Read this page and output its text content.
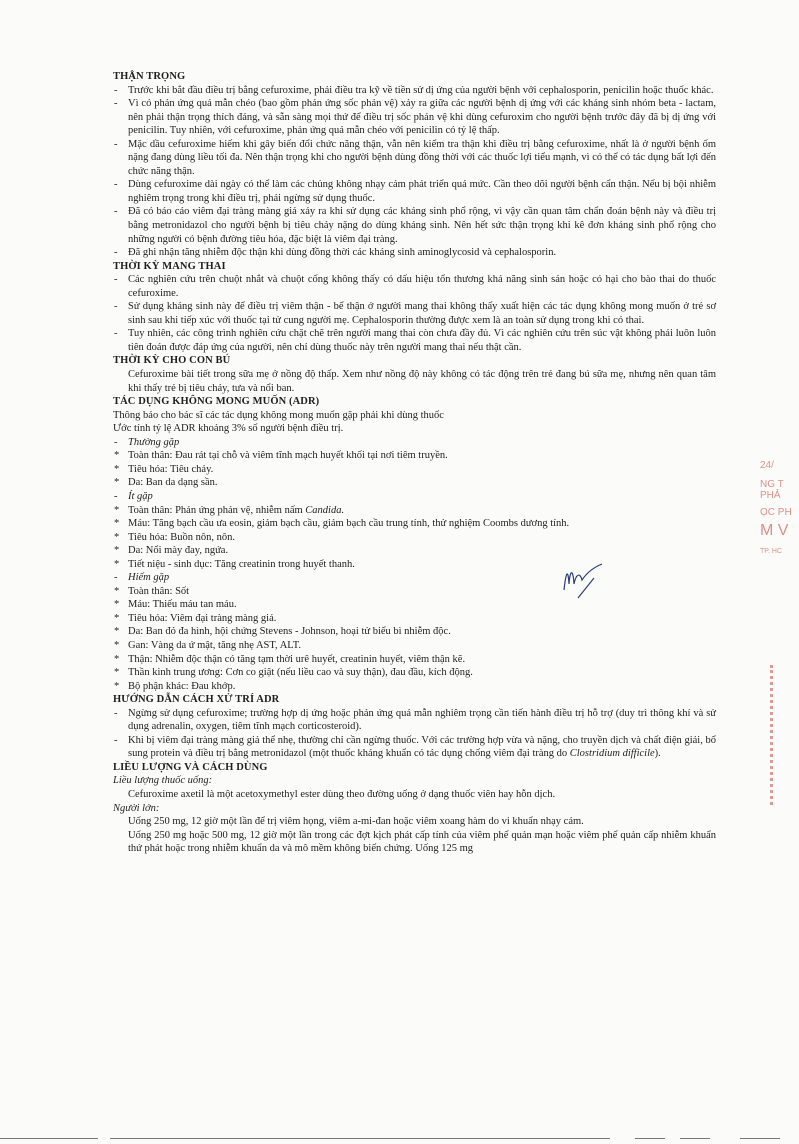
THẬN TRỌNG
- Trước khi bắt đầu điều trị bằng cefuroxime, phải điều tra kỹ về tiền sử dị ứng của người bệnh với cephalosporin, penicilin hoặc thuốc khác.
- Vì có phản ứng quá mẫn chéo (bao gồm phản ứng sốc phản vệ) xảy ra giữa các người bệnh dị ứng với các kháng sinh nhóm beta - lactam, nên phải thận trọng thích đáng, và sẵn sàng mọi thứ để điều trị sốc phản vệ khi dùng cefuroxim cho người bệnh trước đây đã bị dị ứng với penicilin. Tuy nhiên, với cefuroxime, phản ứng quá mẫn chéo với penicilin có tỷ lệ thấp.
- Mặc dầu cefuroxime hiếm khi gây biến đổi chức năng thận, vẫn nên kiểm tra thận khi điều trị bằng cefuroxime, nhất là ở người bệnh ốm nặng đang dùng liều tối đa. Nên thận trọng khi cho người bệnh dùng đồng thời với các thuốc lợi tiểu mạnh, vì có thể có tác dụng bất lợi đến chức năng thận.
- Dùng cefuroxime dài ngày có thể làm các chủng không nhạy cảm phát triển quá mức. Cần theo dõi người bệnh cẩn thận. Nếu bị bội nhiễm nghiêm trọng trong khi điều trị, phải ngừng sử dụng thuốc.
- Đã có báo cáo viêm đại tràng màng giả xảy ra khi sử dụng các kháng sinh phổ rộng, vì vậy cần quan tâm chẩn đoán bệnh này và điều trị bằng metronidazol cho người bệnh bị tiêu chảy nặng do dùng kháng sinh. Nên hết sức thận trọng khi kê đơn kháng sinh phổ rộng cho những người có bệnh đường tiêu hóa, đặc biệt là viêm đại tràng.
- Đã ghi nhận tăng nhiễm độc thận khi dùng đồng thời các kháng sinh aminoglycosid và cephalosporin.
THỜI KỲ MANG THAI
- Các nghiên cứu trên chuột nhắt và chuột cống không thấy có dấu hiệu tổn thương khả năng sinh sản hoặc có hại cho bào thai do thuốc cefuroxime.
- Sử dụng kháng sinh này để điều trị viêm thận - bể thận ở người mang thai không thấy xuất hiện các tác dụng không mong muốn ở trẻ sơ sinh sau khi tiếp xúc với thuốc tại tử cung người mẹ. Cephalosporin thường được xem là an toàn sử dụng trong khi có thai.
- Tuy nhiên, các công trình nghiên cứu chặt chẽ trên người mang thai còn chưa đầy đủ. Vì các nghiên cứu trên súc vật không phải luôn luôn tiên đoán được đáp ứng của người, nên chỉ dùng thuốc này trên người mang thai nếu thật cần.
THỜI KỲ CHO CON BÚ
Cefuroxime bài tiết trong sữa mẹ ở nồng độ thấp. Xem như nồng độ này không có tác động trên trẻ đang bú sữa mẹ, nhưng nên quan tâm khi thấy trẻ bị tiêu chảy, tưa và nổi ban.
TÁC DỤNG KHÔNG MONG MUỐN (ADR)
Thông báo cho bác sĩ các tác dụng không mong muốn gặp phải khi dùng thuốc
Ước tính tỷ lệ ADR khoảng 3% số người bệnh điều trị.
- Thường gặp
* Toàn thân: Đau rát tại chỗ và viêm tĩnh mạch huyết khối tại nơi tiêm truyền.
* Tiêu hóa: Tiêu chảy.
* Da: Ban da dạng sần.
- Ít gặp
* Toàn thân: Phản ứng phản vệ, nhiễm nấm Candida.
* Máu: Tăng bạch cầu ưa eosin, giảm bạch cầu, giảm bạch cầu trung tính, thử nghiệm Coombs dương tính.
* Tiêu hóa: Buồn nôn, nôn.
* Da: Nổi mày đay, ngứa.
* Tiết niệu - sinh dục: Tăng creatinin trong huyết thanh.
- Hiếm gặp
* Toàn thân: Sốt
* Máu: Thiếu máu tan máu.
* Tiêu hóa: Viêm đại tràng màng giả.
* Da: Ban đỏ đa hình, hội chứng Stevens - Johnson, hoại tử biểu bì nhiễm độc.
* Gan: Vàng da ứ mật, tăng nhẹ AST, ALT.
* Thận: Nhiễm độc thận có tăng tạm thời urê huyết, creatinin huyết, viêm thận kẽ.
* Thần kinh trung ương: Cơn co giật (nếu liều cao và suy thận), đau đầu, kích động.
* Bộ phận khác: Đau khớp.
HƯỚNG DẪN CÁCH XỬ TRÍ ADR
- Ngừng sử dụng cefuroxime; trường hợp dị ứng hoặc phản ứng quá mẫn nghiêm trọng cần tiến hành điều trị hỗ trợ (duy trì thông khí và sử dụng adrenalin, oxygen, tiêm tĩnh mạch corticosteroid).
- Khi bị viêm đại tràng màng giả thể nhẹ, thường chỉ cần ngừng thuốc. Với các trường hợp vừa và nặng, cho truyền dịch và chất điện giải, bổ sung protein và điều trị bằng metronidazol (một thuốc kháng khuẩn có tác dụng chống viêm đại tràng do Clostridium difficile).
LIỀU LƯỢNG VÀ CÁCH DÙNG
Liều lượng thuốc uống:
Cefuroxime axetil là một acetoxymethyl ester dùng theo đường uống ở dạng thuốc viên hay hỗn dịch.
Người lớn:
Uống 250 mg, 12 giờ một lần để trị viêm họng, viêm a-mi-đan hoặc viêm xoang hàm do vi khuẩn nhạy cảm.
Uống 250 mg hoặc 500 mg, 12 giờ một lần trong các đợt kịch phát cấp tính của viêm phế quản mạn hoặc viêm phế quản cấp nhiễm khuẩn thứ phát hoặc trong nhiễm khuẩn da và mô mềm không biến chứng. Uống 125 mg
24/
NG T
PHẢ
ỌC PH
M V
TP. HC
